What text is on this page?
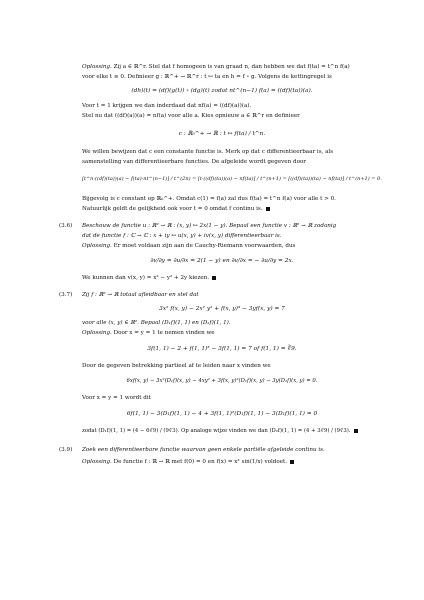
Oplossing. Zij a ∈ ℝ^r. Stel dat f homogeen is van graad n, dan hebben we dat f(ta) = t^n f(a)
voor elke t ≥ 0. Definieer g : ℝ^+ → ℝ^r : t ↦ ta en h = f ∘ g. Volgens de kettingregel is
(dh)(t) = (df)(g(t)) ∘ (dg)(t) zodat nt^(n−1) f(a) = ((df)(ta))(a).
Voor t = 1 krijgen we dan inderdaad dat nf(a) = ((df)(a))(a).
Stel nu dat ((df)(a))(a) = nf(a) voor alle a. Kies opnieuw a ∈ ℝ^r en definieer
c : ℝ₀^+ → ℝ : t ↦ f(ta) / t^n.
We willen bewijzen dat c een constante functie is. Merk op dat c differentieerbaar is, als
samenstelling van differentieerbare functies. De afgeleide wordt gegeven door
[t^n·((df)(ta))(a) − f(ta)·nt^(n−1)] / t^(2n) = [t·((df)(ta))(a) − nf(ta)] / t^(n+1) = [((df)(ta))(ta) − nf(ta)] / t^(n+1) = 0.
Bijgevolg is c constant op ℝ₀^+. Omdat c(1) = f(a) zal dus f(ta) = t^n f(a) voor alle t > 0.
Natuurlijk geldt de gelijkheid ook voor t = 0 omdat f continu is.
(3.6) Beschouw de functie u : ℝ² → ℝ : (x, y) ↦ 2x(1 − y). Bepaal een functie v : ℝ² → ℝ zodanig
dat de functie f : ℂ → ℂ : x + iy ↦ u(x, y) + iv(x, y) differentieerbaar is.
Oplossing. Er moet voldaan zijn aan de Cauchy-Riemann voorwaarden, dus
∂v/∂y = ∂u/∂x = 2(1 − y) en ∂v/∂x = − ∂u/∂y = 2x.
We kunnen dan v(x, y) = x² − y² + 2y kiezen.
(3.7) Zij f : ℝ² → ℝ totaal afleidbaar en stel dat
3x² f(x, y) − 2x² y² + f(x, y)³ − 3yf(x, y) = 7
voor alle (x, y) ∈ ℝ². Bepaal (D₁f)(1, 1) en (D₂f)(1, 1).
Oplossing. Door x = y = 1 te nemen vinden we
3f(1, 1) − 2 + f(1, 1)³ − 3f(1, 1) = 7 of f(1, 1) = ∛9.
Door de gegeven betrekking partieel af te leiden naar x vinden we
6xf(x, y) − 3x²(D₁f)(x, y) − 4xy² + 3f(x, y)²(D₁f)(x, y) − 3y(D₁f)(x, y) = 0.
Voor x = y = 1 wordt dit
6f(1, 1) − 3(D₁f)(1, 1) − 4 + 3f(1, 1)²(D₁f)(1, 1) − 3(D₁f)(1, 1) = 0
zodat (D₁f)(1, 1) = (4 − 6∛9) / (9∛3). Op analoge wijze vinden we dan (D₂f)(1, 1) = (4 + 3∛9) / (9∛3).
(3.9) Zoek een differentieerbare functie waarvan geen enkele partiële afgeleide continu is.
Oplossing. De functie f : ℝ → ℝ met f(0) = 0 en f(x) = x² sin(1/x) voldoet.
